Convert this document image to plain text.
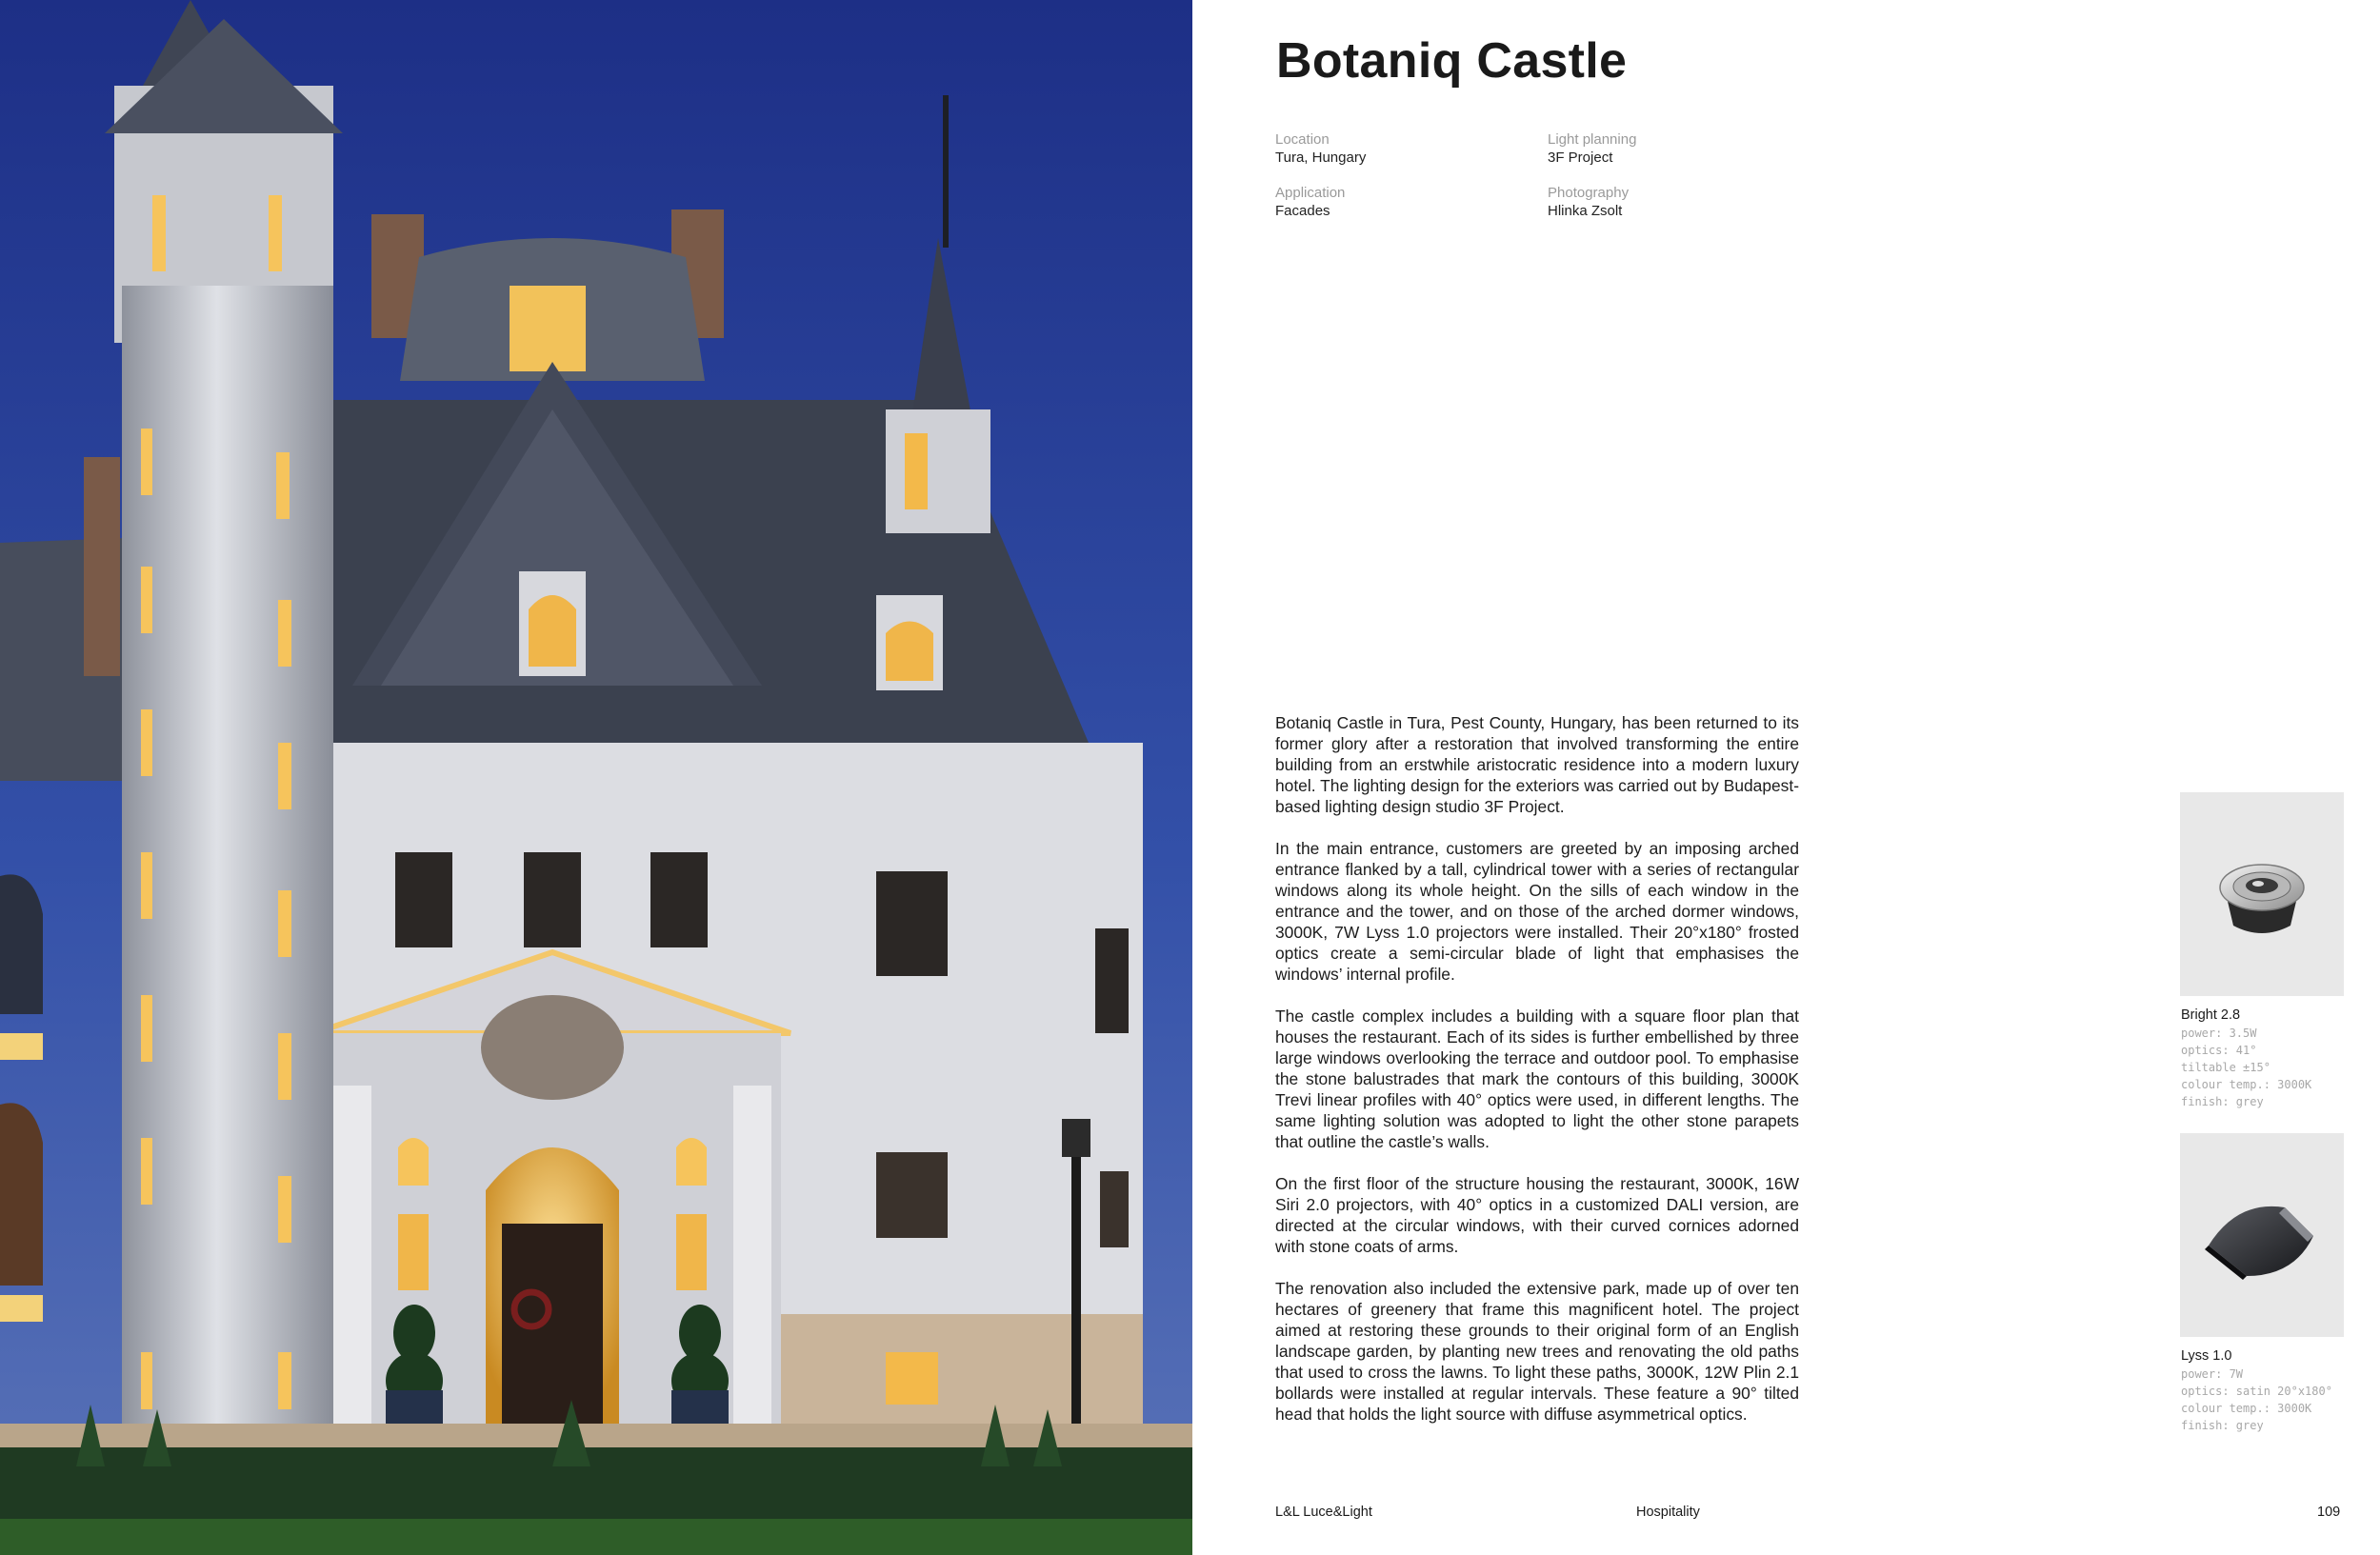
Botaniq Castle
Location
Tura, Hungary
Light planning
3F Project
Application
Facades
Photography
Hlinka Zsolt

Botaniq Castle in Tura, Pest County, Hungary, has been returned to its former glory after a restoration that involved transforming the entire building from an erstwhile aristocratic residence into a modern luxury hotel. The lighting design for the exteriors was carried out by Budapest- based lighting design studio 3F Project.

In the main entrance, customers are greeted by an imposing arched entrance flanked by a tall, cylindrical tower with a series of rectangular windows along its whole height. On the sills of each window in the entrance and the tower, and on those of the arched dormer windows, 3000K, 7W Lyss 1.0 projectors were installed. Their 20°x180° frosted optics create a semi-circular blade of light that emphasises the windows’ internal profile.

The castle complex includes a building with a square floor plan that houses the restaurant. Each of its sides is further embellished by three large windows overlooking the terrace and outdoor pool. To emphasise the stone balustrades that mark the contours of this building, 3000K Trevi linear profiles with 40° optics were used, in different lengths. The same lighting solution was adopted to light the other stone parapets that outline the castle’s walls.

On the first floor of the structure housing the restaurant, 3000K, 16W Siri 2.0 projectors, with 40° optics in a customized DALI version, are directed at the circular windows, with their curved cornices adorned with stone coats of arms.

The renovation also included the extensive park, made up of over ten hectares of greenery that frame this magnificent hotel. The project aimed at restoring these grounds to their original form of an English landscape garden, by planting new trees and renovating the old paths that used to cross the lawns. To light these paths, 3000K, 12W Plin 2.1 bollards were installed at regular intervals. These feature a 90° tilted head that holds the light source with diffuse asymmetrical optics.

Bright 2.8
power: 3.5W
optics: 41°
tiltable ±15°
colour temp.: 3000K
finish: grey
Lyss 1.0
power: 7W
optics: satin 20°x180°
colour temp.: 3000K
finish: grey
L&L Luce&Light	Hospitality	109
